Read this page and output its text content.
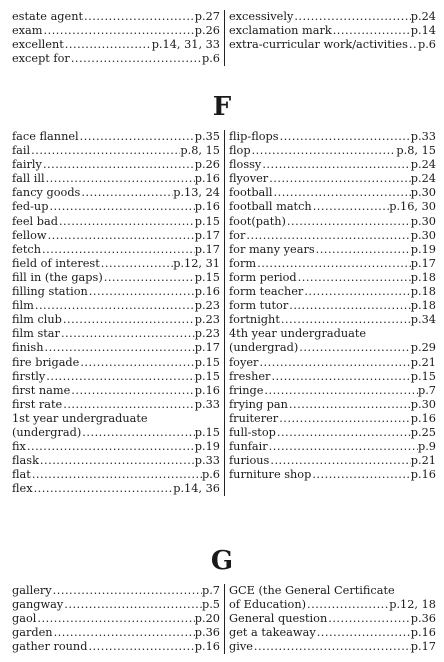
estate agent .....	p.27
exam .....	p.26
excellent .....	p.14, 31, 33
except for .....	p.6
excessively .....	p.24
exclamation mark .....	p.14
extra-curricular work/activities ..... p.6
F
face flannel .....	p.35
fail .....	p.8, 15
fairly .....	p.26
fall ill .....	p.16
fancy goods .....	p.13, 24
fed-up .....	p.16
feel bad .....	p.15
fellow .....	p.17
fetch .....	p.17
field of interest .....	p.12, 31
fill in (the gaps) .....	p.15
filling station .....	p.16
film .....	p.23
film club .....	p.23
film star .....	p.23
finish .....	p.17
fire brigade .....	p.15
firstly .....	p.15
first name .....	p.16
first rate .....	p.33
1st year undergraduate
(undergrad) .....	p.15
fix .....	p.19
flask .....	p.33
flat .....	p.6
flex .....	p.14, 36
flip-flops .....	p.33
flop .....	p.8, 15
flossy .....	p.24
flyover .....	p.24
football .....	p.30
football match .....	p.16, 30
foot(path) .....	p.30
for .....	p.30
for many years .....	p.19
form .....	p.17
form period .....	p.18
form teacher .....	p.18
form tutor .....	p.18
fortnight .....	p.34
4th year undergraduate
(undergrad) .....	p.29
foyer .....	p.21
fresher .....	p.15
fringe .....	p.7
frying pan .....	p.30
fruiterer .....	p.16
full-stop .....	p.25
funfair .....	p.9
furious .....	p.21
furniture shop .....	p.16
G
gallery .....	p.7
gangway .....	p.5
gaol .....	p.20
garden .....	p.36
gather round .....	p.16
GCE (the General Certificate
of Education) .....	p.12, 18
General question .....	p.36
get a takeaway .....	p.16
give .....	p.17
